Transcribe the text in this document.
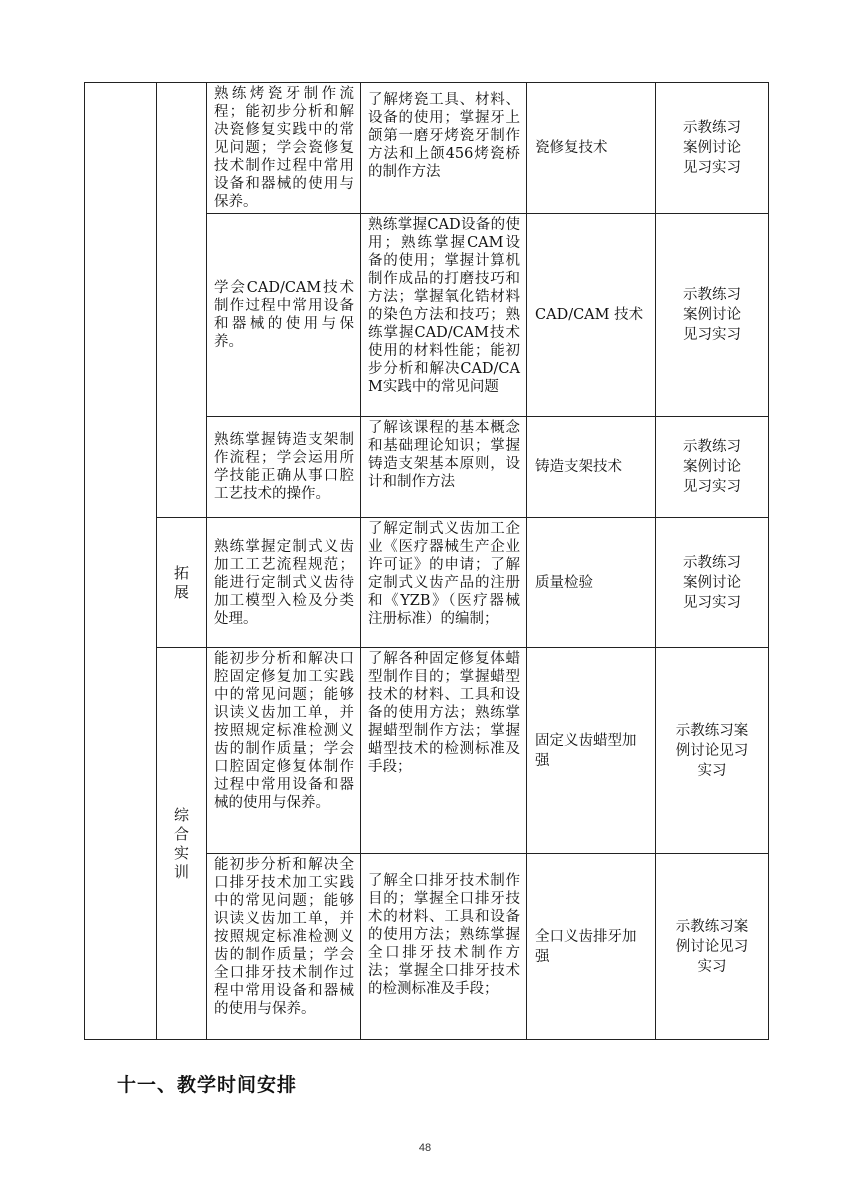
		熟练烤瓷牙制作流程；能初步分析和解决瓷修复实践中的常见问题；学会瓷修复技术制作过程中常用设备和器械的使用与保养。	了解烤瓷工具、材料、设备的使用；掌握牙上颌第一磨牙烤瓷牙制作方法和上颌456烤瓷桥的制作方法	瓷修复技术	示教练习
案例讨论
见习实习

		学会CAD/CAM技术制作过程中常用设备和器械的使用与保养。	熟练掌握CAD设备的使用；熟练掌握CAM设备的使用；掌握计算机制作成品的打磨技巧和方法；掌握氧化锆材料的染色方法和技巧；熟练掌握CAD/CAM技术使用的材料性能；能初步分析和解决CAD/CAM实践中的常见问题	CAD/CAM 技术	示教练习
案例讨论
见习实习

		熟练掌握铸造支架制作流程；学会运用所学技能正确从事口腔工艺技术的操作。	了解该课程的基本概念和基础理论知识；掌握铸造支架基本原则，设计和制作方法	铸造支架技术	示教练习
案例讨论
见习实习

	拓展	熟练掌握定制式义齿加工工艺流程规范；能进行定制式义齿待加工模型入检及分类处理。	了解定制式义齿加工企业《医疗器械生产企业许可证》的申请；了解定制式义齿产品的注册和《YZB》（医疗器械注册标准）的编制；	质量检验	示教练习
案例讨论
见习实习

	综合实训	能初步分析和解决口腔固定修复加工实践中的常见问题；能够识读义齿加工单，并按照规定标准检测义齿的制作质量；学会口腔固定修复体制作过程中常用设备和器械的使用与保养。	了解各种固定修复体蜡型制作目的；掌握蜡型技术的材料、工具和设备的使用方法；熟练掌握蜡型制作方法；掌握蜡型技术的检测标准及手段；	固定义齿蜡型加强	示教练习案
例讨论见习
实习

		能初步分析和解决全口排牙技术加工实践中的常见问题；能够识读义齿加工单，并按照规定标准检测义齿的制作质量；学会全口排牙技术制作过程中常用设备和器械的使用与保养。	了解全口排牙技术制作目的；掌握全口排牙技术的材料、工具和设备的使用方法；熟练掌握全口排牙技术制作方法；掌握全口排牙技术的检测标准及手段；	全口义齿排牙加强	示教练习案
例讨论见习
实习
十一、教学时间安排
48
